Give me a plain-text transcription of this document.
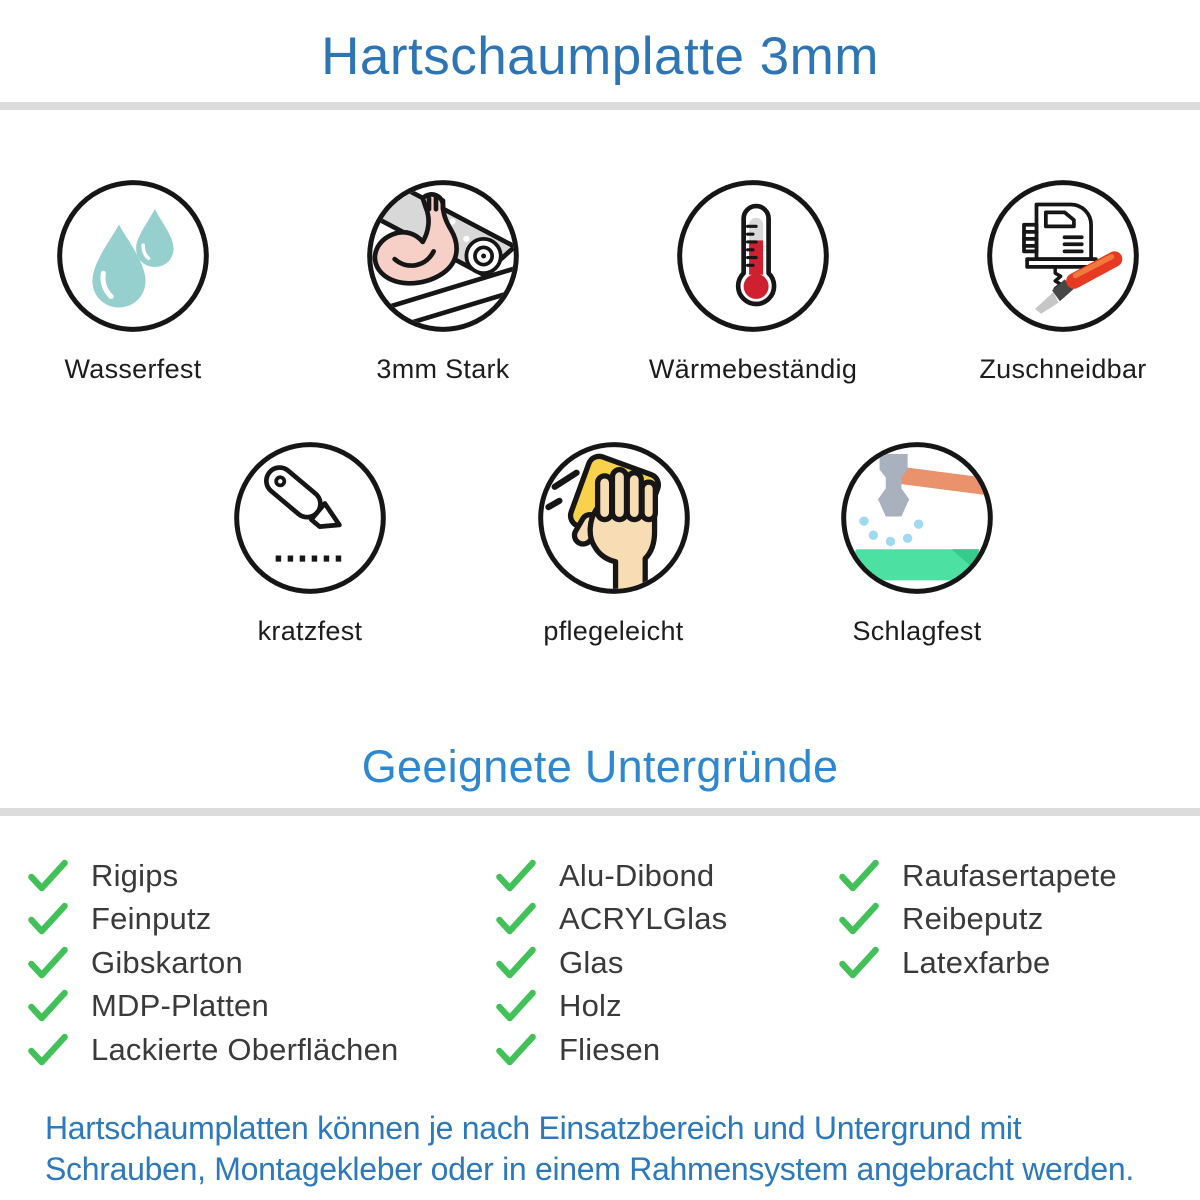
Hartschaumplatte 3mm
Wasserfest	3mm Stark	Wärmebeständig	Zuschneidbar
kratzfest	pflegeleicht	Schlagfest
Geeignete Untergründe
Rigips
Feinputz
Gibskarton
MDP-Platten
Lackierte Oberflächen
Alu-Dibond
ACRYLGlas
Glas
Holz
Fliesen
Raufasertapete
Reibeputz
Latexfarbe

Hartschaumplatten können je nach Einsatzbereich und Untergrund mit Schrauben, Montagekleber oder in einem Rahmensystem angebracht werden.
